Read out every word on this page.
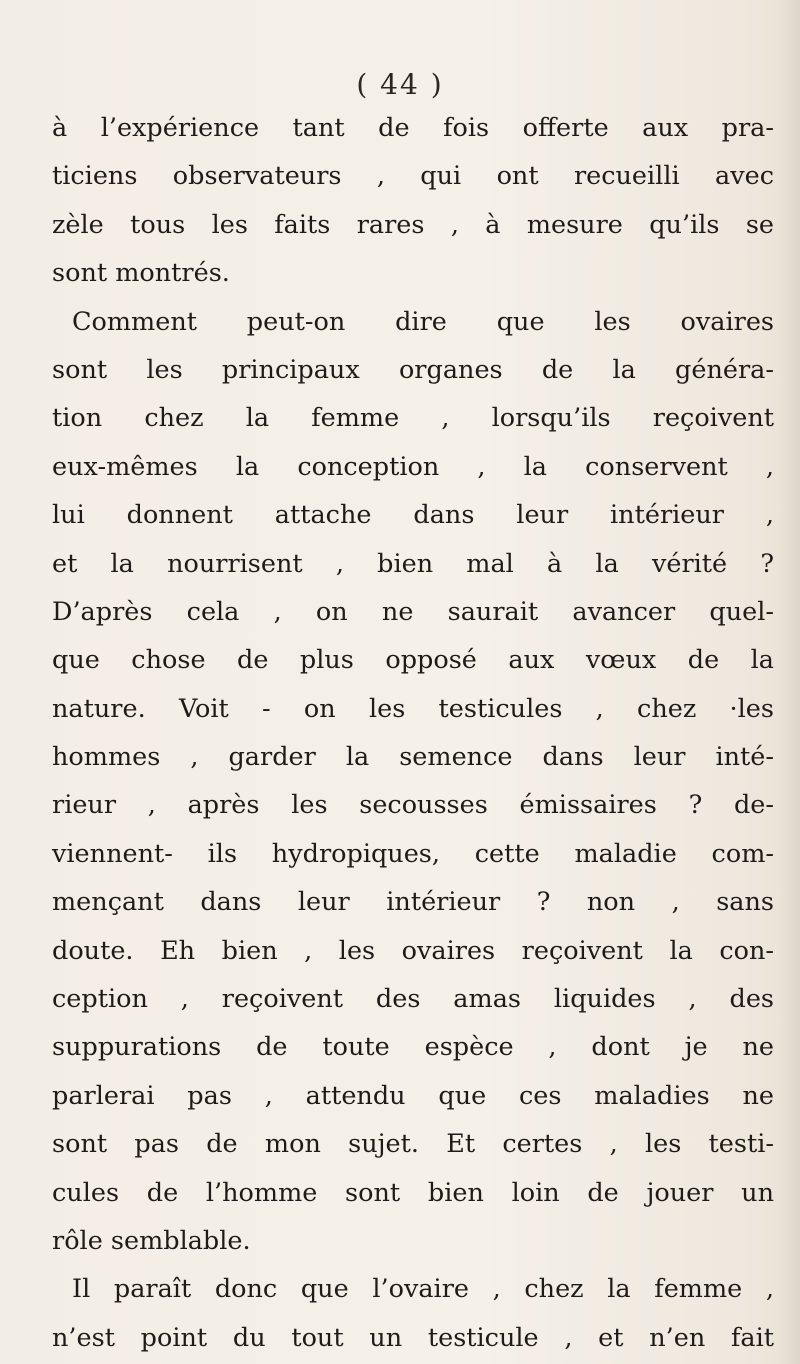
( 44 )
à l’expérience tant de fois offerte aux pra-
ticiens observateurs , qui ont recueilli avec
zèle tous les faits rares , à mesure qu’ils se
sont montrés.
Comment peut-on dire que les ovaires
sont les principaux organes de la généra-
tion chez la femme , lorsqu’ils reçoivent
eux-mêmes la conception , la conservent ,
lui donnent attache dans leur intérieur ,
et la nourrisent , bien mal à la vérité ?
D’après cela , on ne saurait avancer quel-
que chose de plus opposé aux vœux de la
nature. Voit - on les testicules , chez ·les
hommes , garder la semence dans leur inté-
rieur , après les secousses émissaires ? de-
viennent- ils hydropiques, cette maladie com-
mençant dans leur intérieur ? non , sans
doute. Eh bien , les ovaires reçoivent la con-
ception , reçoivent des amas liquides , des
suppurations de toute espèce , dont je ne
parlerai pas , attendu que ces maladies ne
sont pas de mon sujet. Et certes , les testi-
cules de l’homme sont bien loin de jouer un
rôle semblable.
Il paraît donc que l’ovaire , chez la femme ,
n’est point du tout un testicule , et n’en fait
